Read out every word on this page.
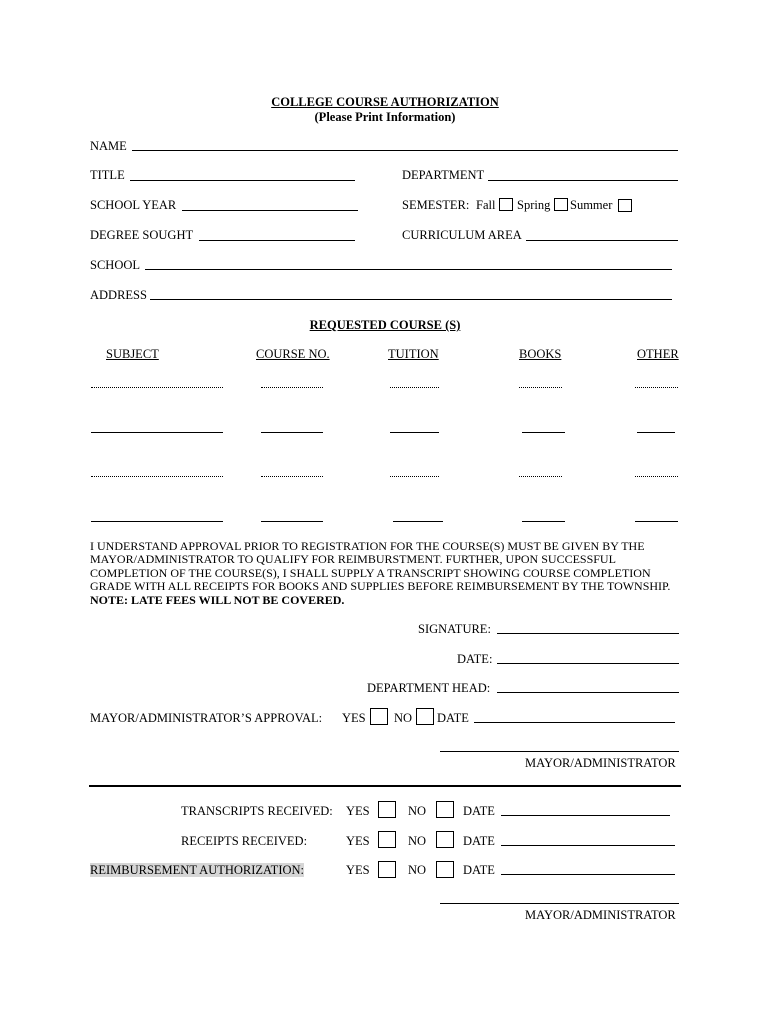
COLLEGE COURSE AUTHORIZATION
(Please Print Information)
NAME
TITLE	DEPARTMENT
SCHOOL YEAR	SEMESTER: Fall Spring Summer
DEGREE SOUGHT	CURRICULUM AREA
SCHOOL
ADDRESS
REQUESTED COURSE (S)
SUBJECT	COURSE NO.	TUITION	BOOKS	OTHER
I UNDERSTAND APPROVAL PRIOR TO REGISTRATION FOR THE COURSE(S) MUST BE GIVEN BY THE MAYOR/ADMINISTRATOR TO QUALIFY FOR REIMBURSTMENT. FURTHER, UPON SUCCESSFUL COMPLETION OF THE COURSE(S), I SHALL SUPPLY A TRANSCRIPT SHOWING COURSE COMPLETION GRADE WITH ALL RECEIPTS FOR BOOKS AND SUPPLIES BEFORE REIMBURSEMENT BY THE TOWNSHIP. NOTE: LATE FEES WILL NOT BE COVERED.
SIGNATURE:
DATE:
DEPARTMENT HEAD:
MAYOR/ADMINISTRATOR’S APPROVAL: YES NO DATE
MAYOR/ADMINISTRATOR
TRANSCRIPTS RECEIVED: YES	NO	DATE
RECEIPTS RECEIVED:	YES	NO	DATE
REIMBURSEMENT AUTHORIZATION:	YES	NO	DATE
MAYOR/ADMINISTRATOR
